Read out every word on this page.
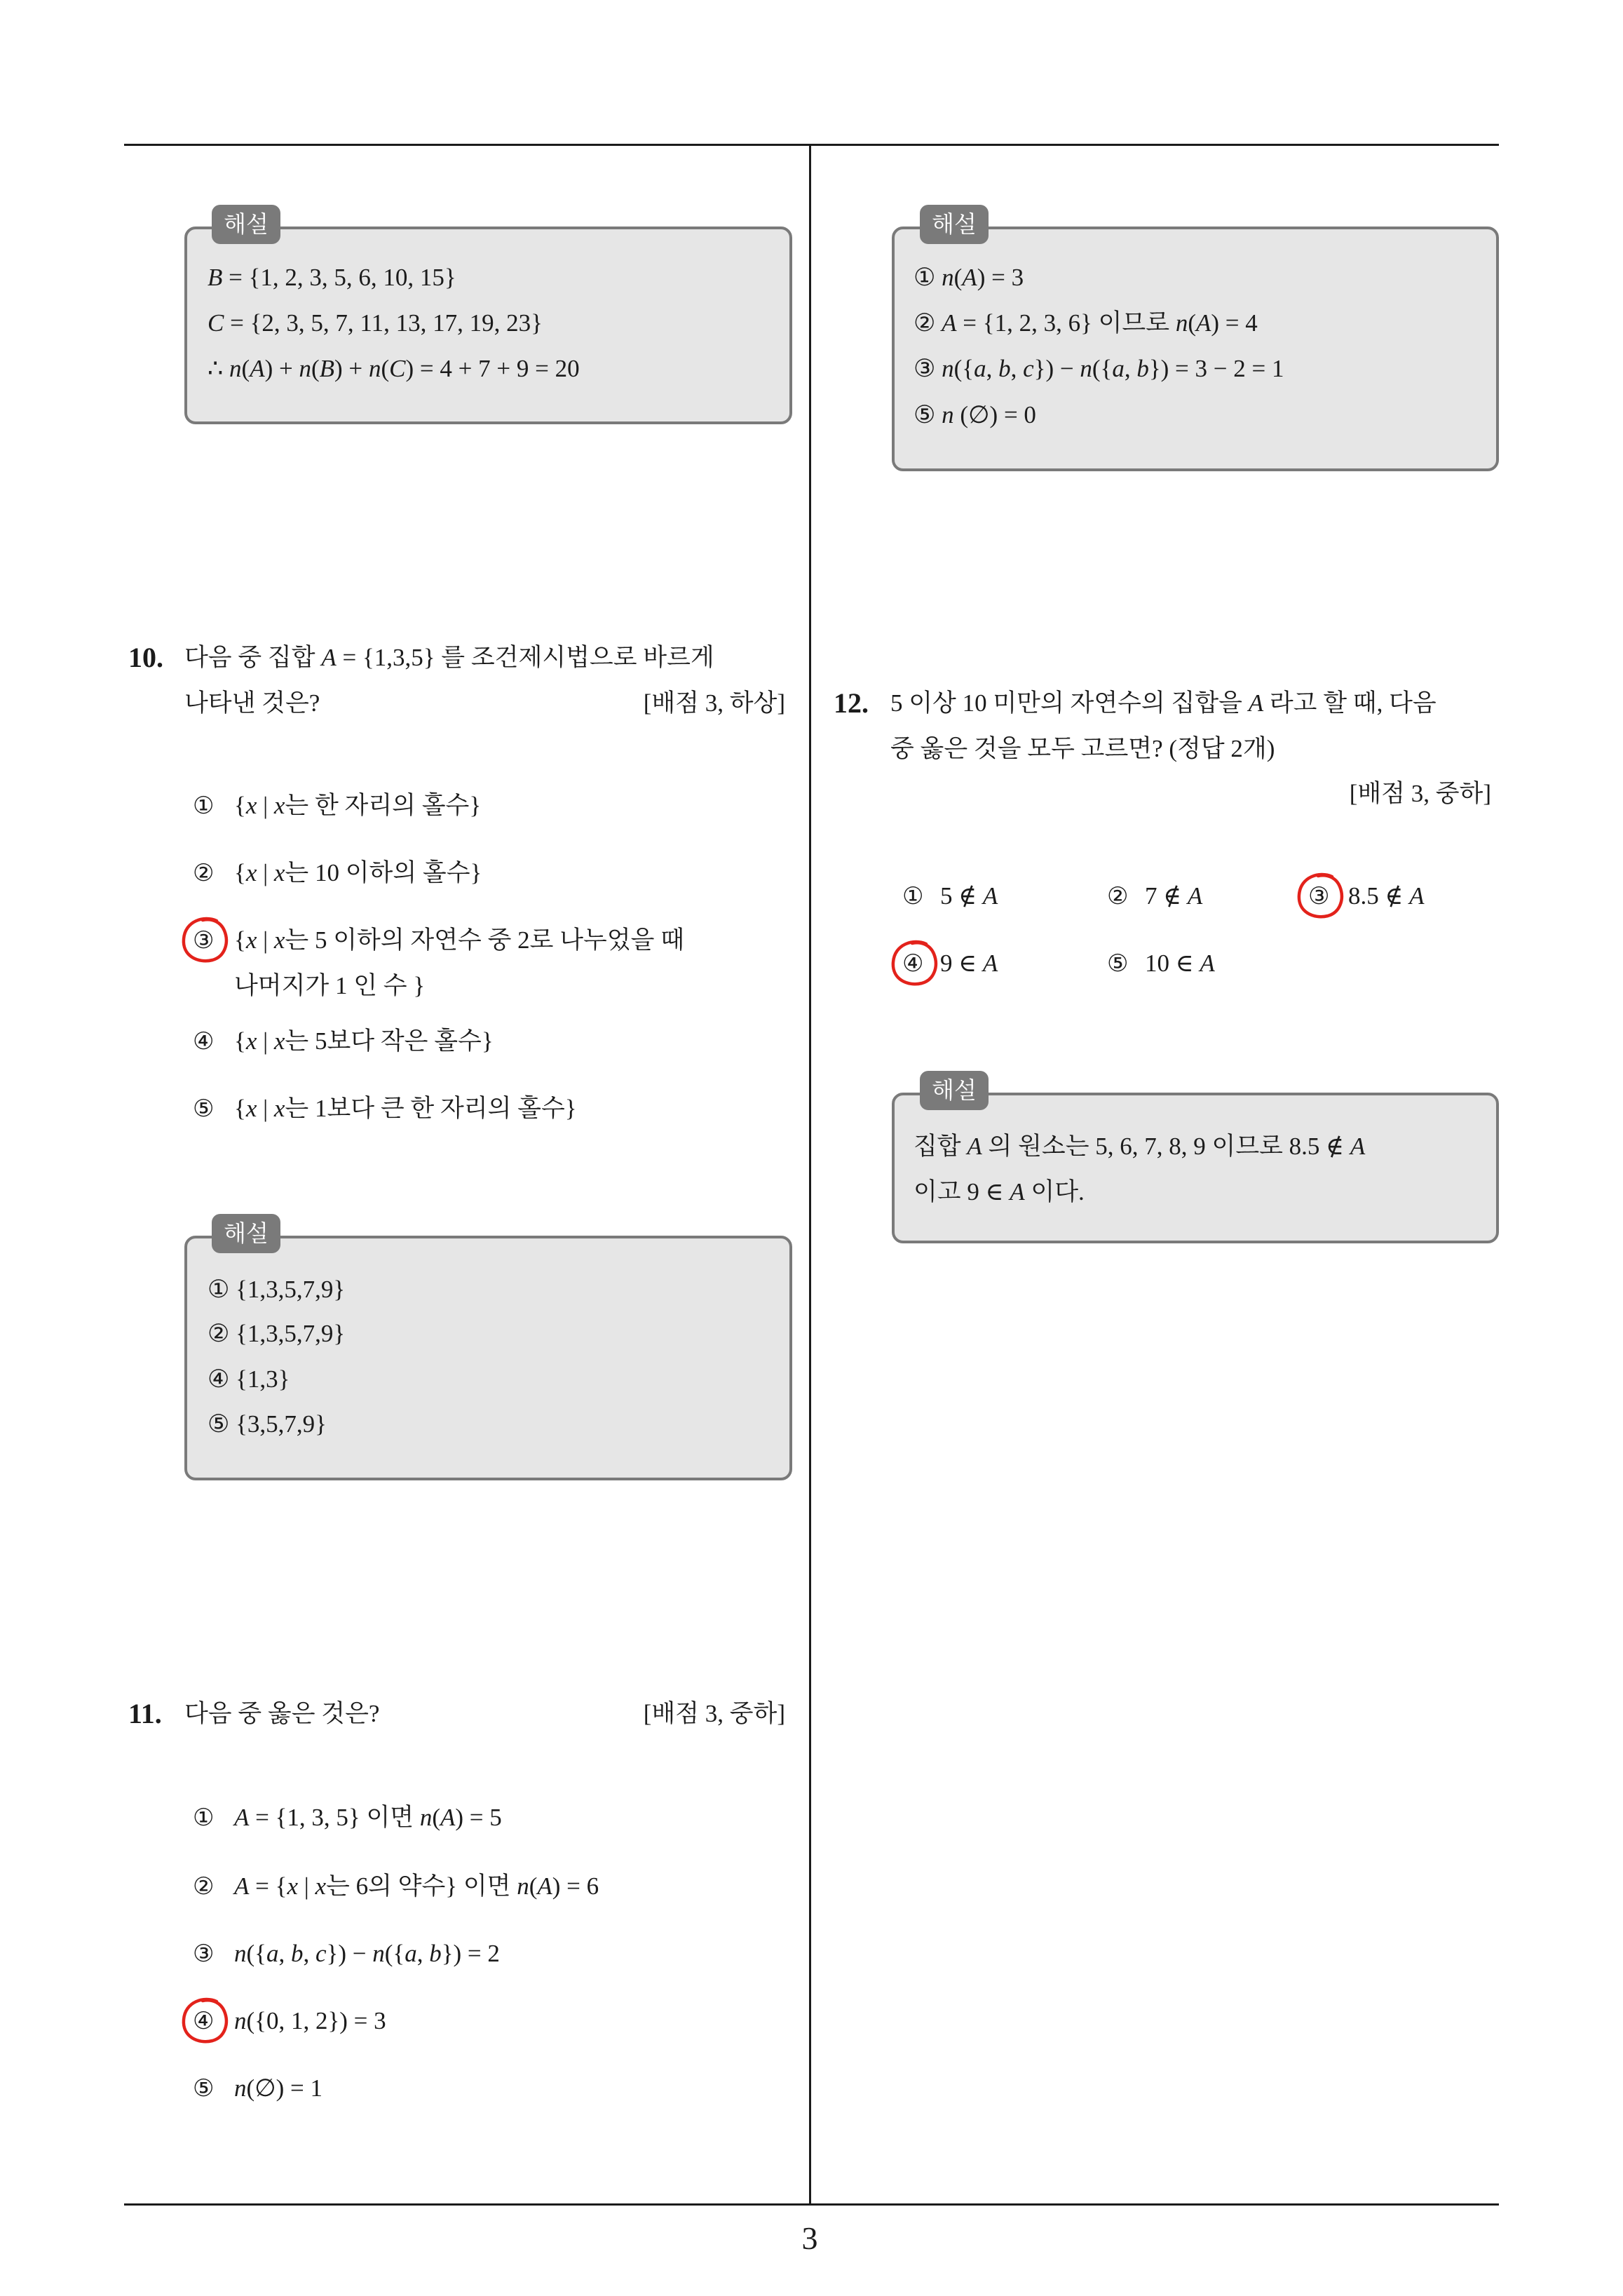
3
해설
B = {1, 2, 3, 5, 6, 10, 15}
C = {2, 3, 5, 7, 11, 13, 17, 19, 23}
∴ n(A) + n(B) + n(C) = 4 + 7 + 9 = 20
10. 다음 중 집합 A = {1,3,5} 를 조건제시법으로 바르게
나타낸 것은?	[배점 3, 하상]
① {x | x는 한 자리의 홀수}
② {x | x는 10 이하의 홀수}
③ {x | x는 5 이하의 자연수 중 2로 나누었을 때
나머지가 1 인 수 }
④ {x | x는 5보다 작은 홀수}
⑤ {x | x는 1보다 큰 한 자리의 홀수}
해설
① {1,3,5,7,9}
② {1,3,5,7,9}
④ {1,3}
⑤ {3,5,7,9}
11. 다음 중 옳은 것은?	[배점 3, 중하]
① A = {1, 3, 5} 이면 n(A) = 5
② A = {x | x는 6의 약수} 이면 n(A) = 6
③ n({a, b, c}) − n({a, b}) = 2
④ n({0, 1, 2}) = 3
⑤ n(∅) = 1
해설
① n(A) = 3
② A = {1, 2, 3, 6} 이므로 n(A) = 4
③ n({a, b, c}) − n({a, b}) = 3 − 2 = 1
⑤ n (∅) = 0
12. 5 이상 10 미만의 자연수의 집합을 A 라고 할 때, 다음
중 옳은 것을 모두 고르면? (정답 2개)
[배점 3, 중하]
① 5 ∉ A	② 7 ∉ A	③ 8.5 ∉ A
④ 9 ∈ A	⑤ 10 ∈ A
해설
집합 A 의 원소는 5, 6, 7, 8, 9 이므로 8.5 ∉ A
이고 9 ∈ A 이다.
